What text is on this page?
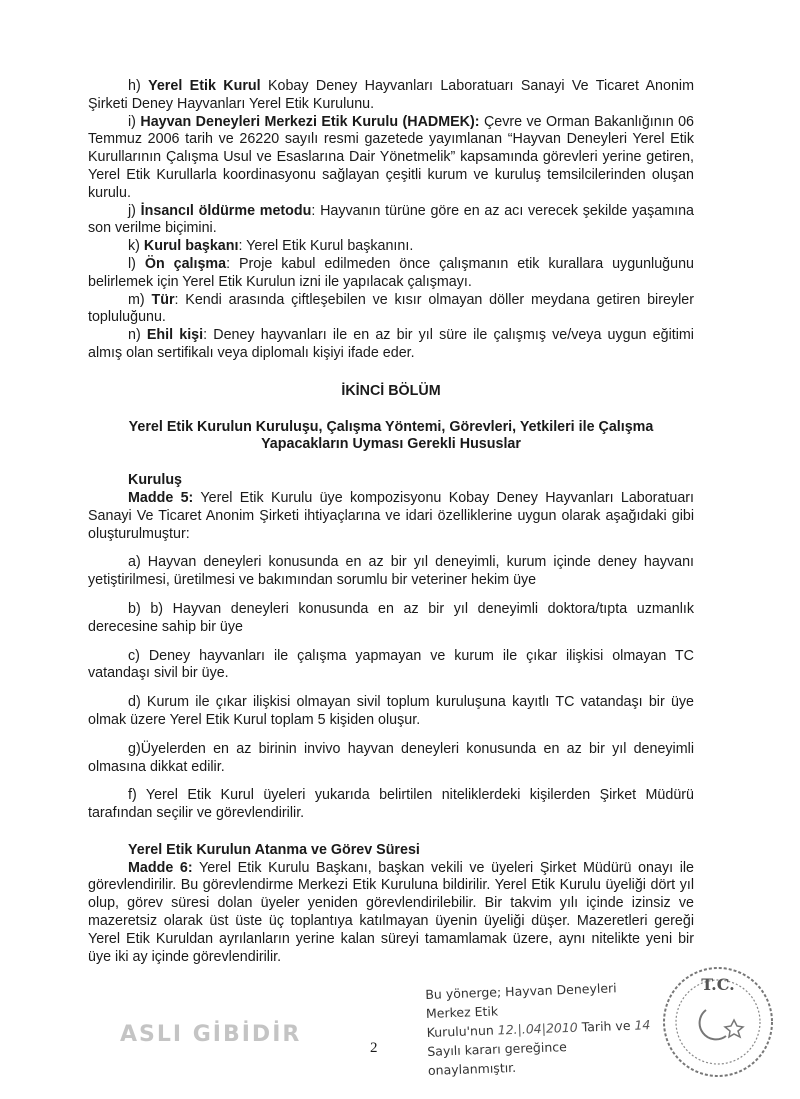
h) Yerel Etik Kurul Kobay Deney Hayvanları Laboratuarı Sanayi Ve Ticaret Anonim Şirketi Deney Hayvanları Yerel Etik Kurulunu.

i) Hayvan Deneyleri Merkezi Etik Kurulu (HADMEK): Çevre ve Orman Bakanlığının 06 Temmuz 2006 tarih ve 26220 sayılı resmi gazetede yayımlanan “Hayvan Deneyleri Yerel Etik Kurullarının Çalışma Usul ve Esaslarına Dair Yönetmelik” kapsamında görevleri yerine getiren, Yerel Etik Kurullarla koordinasyonu sağlayan çeşitli kurum ve kuruluş temsilcilerinden oluşan kurulu.

j) İnsancıl öldürme metodu: Hayvanın türüne göre en az acı verecek şekilde yaşamına son verilme biçimini.

k) Kurul başkanı: Yerel Etik Kurul başkanını.

l) Ön çalışma: Proje kabul edilmeden önce çalışmanın etik kurallara uygunluğunu belirlemek için Yerel Etik Kurulun izni ile yapılacak çalışmayı.

m) Tür: Kendi arasında çiftleşebilen ve kısır olmayan döller meydana getiren bireyler topluluğunu.

n) Ehil kişi: Deney hayvanları ile en az bir yıl süre ile çalışmış ve/veya uygun eğitimi almış olan sertifikalı veya diplomalı kişiyi ifade eder.

İKİNCİ BÖLÜM

Yerel Etik Kurulun Kuruluşu, Çalışma Yöntemi, Görevleri, Yetkileri ile Çalışma Yapacakların Uyması Gerekli Hususlar

Kuruluş

Madde 5: Yerel Etik Kurulu üye kompozisyonu Kobay Deney Hayvanları Laboratuarı Sanayi Ve Ticaret Anonim Şirketi ihtiyaçlarına ve idari özelliklerine uygun olarak aşağıdaki gibi oluşturulmuştur:

a) Hayvan deneyleri konusunda en az bir yıl deneyimli, kurum içinde deney hayvanı yetiştirilmesi, üretilmesi ve bakımından sorumlu bir veteriner hekim üye

b) b) Hayvan deneyleri konusunda en az bir yıl deneyimli doktora/tıpta uzmanlık derecesine sahip bir üye

c) Deney hayvanları ile çalışma yapmayan ve kurum ile çıkar ilişkisi olmayan TC vatandaşı sivil bir üye.

d) Kurum ile çıkar ilişkisi olmayan sivil toplum kuruluşuna kayıtlı TC vatandaşı bir üye olmak üzere Yerel Etik Kurul toplam 5 kişiden oluşur.

g)Üyelerden en az birinin invivo hayvan deneyleri konusunda en az bir yıl deneyimli olmasına dikkat edilir.

f) Yerel Etik Kurul üyeleri yukarıda belirtilen niteliklerdeki kişilerden Şirket Müdürü tarafından seçilir ve görevlendirilir.

Yerel Etik Kurulun Atanma ve Görev Süresi

Madde 6: Yerel Etik Kurulu Başkanı, başkan vekili ve üyeleri Şirket Müdürü onayı ile görevlendirilir. Bu görevlendirme Merkezi Etik Kuruluna bildirilir. Yerel Etik Kurulu üyeliği dört yıl olup, görev süresi dolan üyeler yeniden görevlendirilebilir. Bir takvim yılı içinde izinsiz ve mazeretsiz olarak üst üste üç toplantıya katılmayan üyenin üyeliği düşer. Mazeretleri gereği Yerel Etik Kuruldan ayrılanların yerine kalan süreyi tamamlamak üzere, aynı nitelikte yeni bir üye iki ay içinde görevlendirilir.

ASLI GİBİDİR
2
Bu yönerge; Hayvan Deneyleri Merkez Etik
Kurulu'nun 12.|.04|2010 Tarih ve 14
Sayılı kararı gereğince onaylanmıştır.
T.C.
